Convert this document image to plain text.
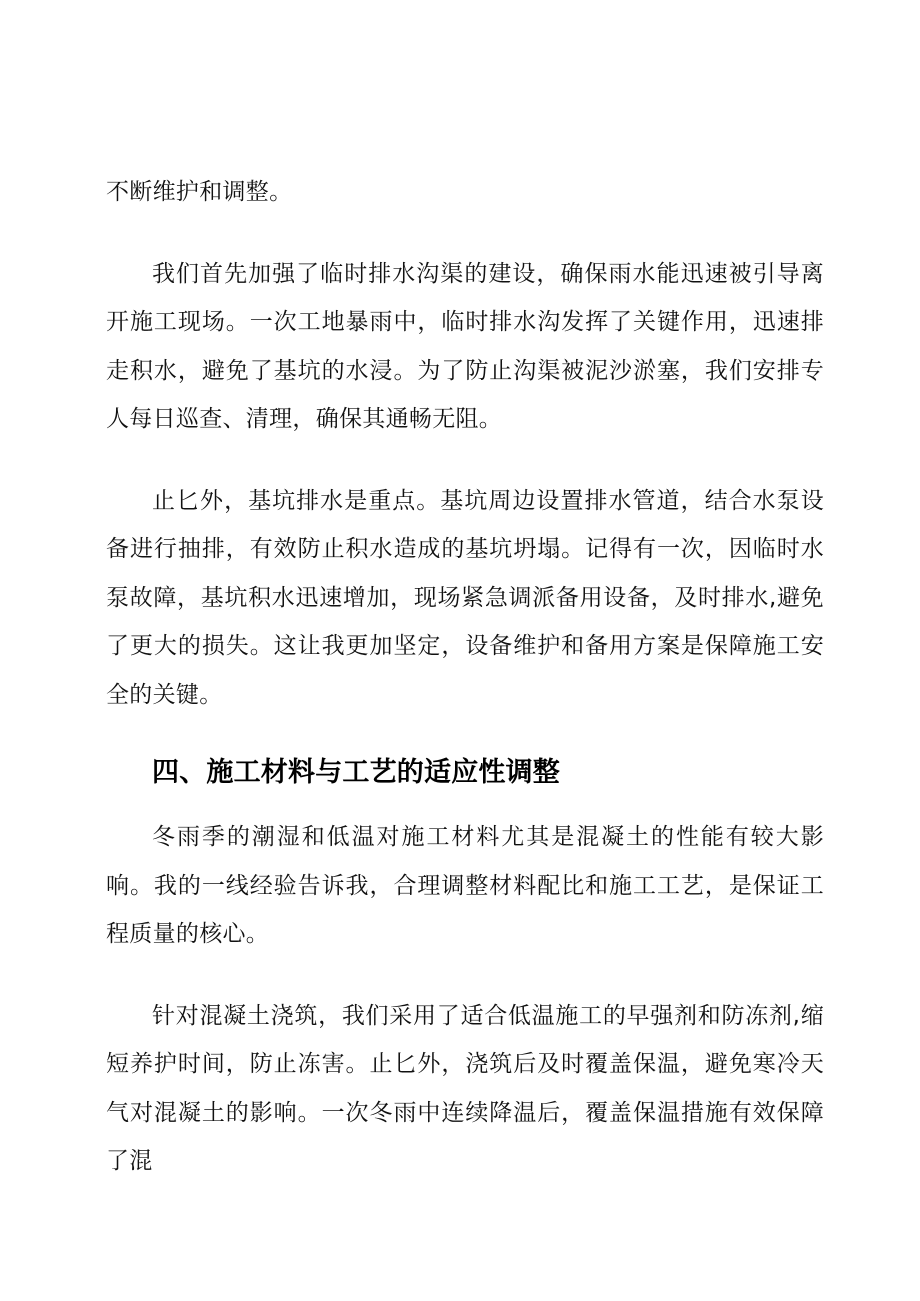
不断维护和调整。

我们首先加强了临时排水沟渠的建设，确保雨水能迅速被引导离开施工现场。一次工地暴雨中，临时排水沟发挥了关键作用，迅速排走积水，避免了基坑的水浸。为了防止沟渠被泥沙淤塞，我们安排专人每日巡查、清理，确保其通畅无阻。

止匕外，基坑排水是重点。基坑周边设置排水管道，结合水泵设备进行抽排，有效防止积水造成的基坑坍塌。记得有一次，因临时水泵故障，基坑积水迅速增加，现场紧急调派备用设备，及时排水,避免了更大的损失。这让我更加坚定，设备维护和备用方案是保障施工安全的关键。

四、施工材料与工艺的适应性调整

冬雨季的潮湿和低温对施工材料尤其是混凝土的性能有较大影响。我的一线经验告诉我，合理调整材料配比和施工工艺，是保证工程质量的核心。

针对混凝土浇筑，我们采用了适合低温施工的早强剂和防冻剂,缩短养护时间，防止冻害。止匕外，浇筑后及时覆盖保温，避免寒冷天气对混凝土的影响。一次冬雨中连续降温后，覆盖保温措施有效保障了混
